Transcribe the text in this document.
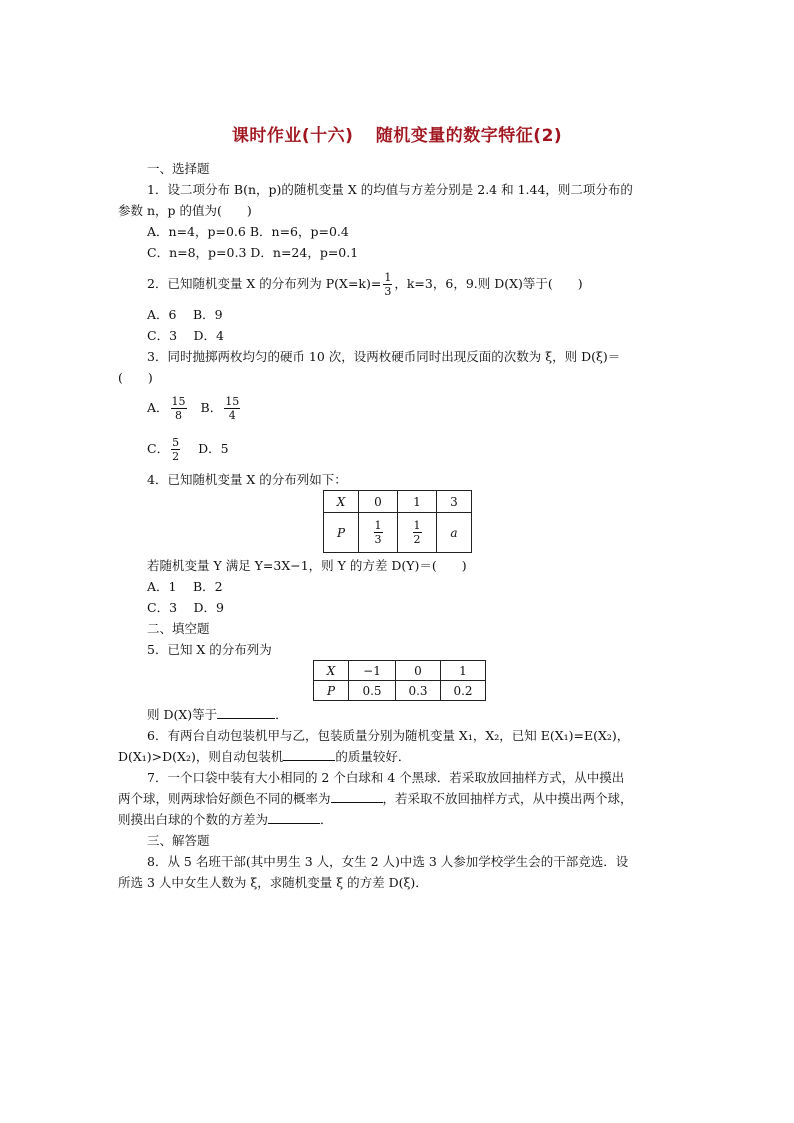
课时作业(十六) 随机变量的数字特征(2)
一、选择题
1．设二项分布 B(n，p)的随机变量 X 的均值与方差分别是 2.4 和 1.44，则二项分布的
参数 n，p 的值为(　　)
A．n=4，p=0.6 B．n=6，p=0.4
C．n=8，p=0.3 D．n=24，p=0.1
2．已知随机变量 X 的分布列为 $P(X=k)= \frac{1}{3}$ ，k=3，6，9.则 D(X)等于(　　)
A．6　 B．9
C．3　 D．4
3．同时抛掷两枚均匀的硬币 10 次，设两枚硬币同时出现反面的次数为 ξ，则 D(ξ)＝
(　　)
A． $\frac{15}{8}$ B． $\frac{15}{4}$
C． $\frac{5}{2}$ D．5
4．已知随机变量 X 的分布列如下：
X	0	1	3
P	$\frac{1}{3}$	$\frac{1}{2}$	a
若随机变量 Y 满足 Y=3X−1，则 Y 的方差 D(Y)＝(　　)
A．1　 B．2
C．3　 D．9
二、填空题
5．已知 X 的分布列为
X	−1	0	1
P	0.5	0.3	0.2
则 D(X)等于	．
6．有两台自动包装机甲与乙，包装质量分别为随机变量 X₁，X₂，已知 E(X₁)=E(X₂)，
D(X₁)>D(X₂)，则自动包装机	的质量较好．
7．一个口袋中装有大小相同的 2 个白球和 4 个黑球．若采取放回抽样方式，从中摸出
两个球，则两球恰好颜色不同的概率为	，若采取不放回抽样方式，从中摸出两个球，
则摸出白球的个数的方差为	．
三、解答题
8．从 5 名班干部(其中男生 3 人，女生 2 人)中选 3 人参加学校学生会的干部竞选．设
所选 3 人中女生人数为 ξ，求随机变量 ξ 的方差 D(ξ)．
